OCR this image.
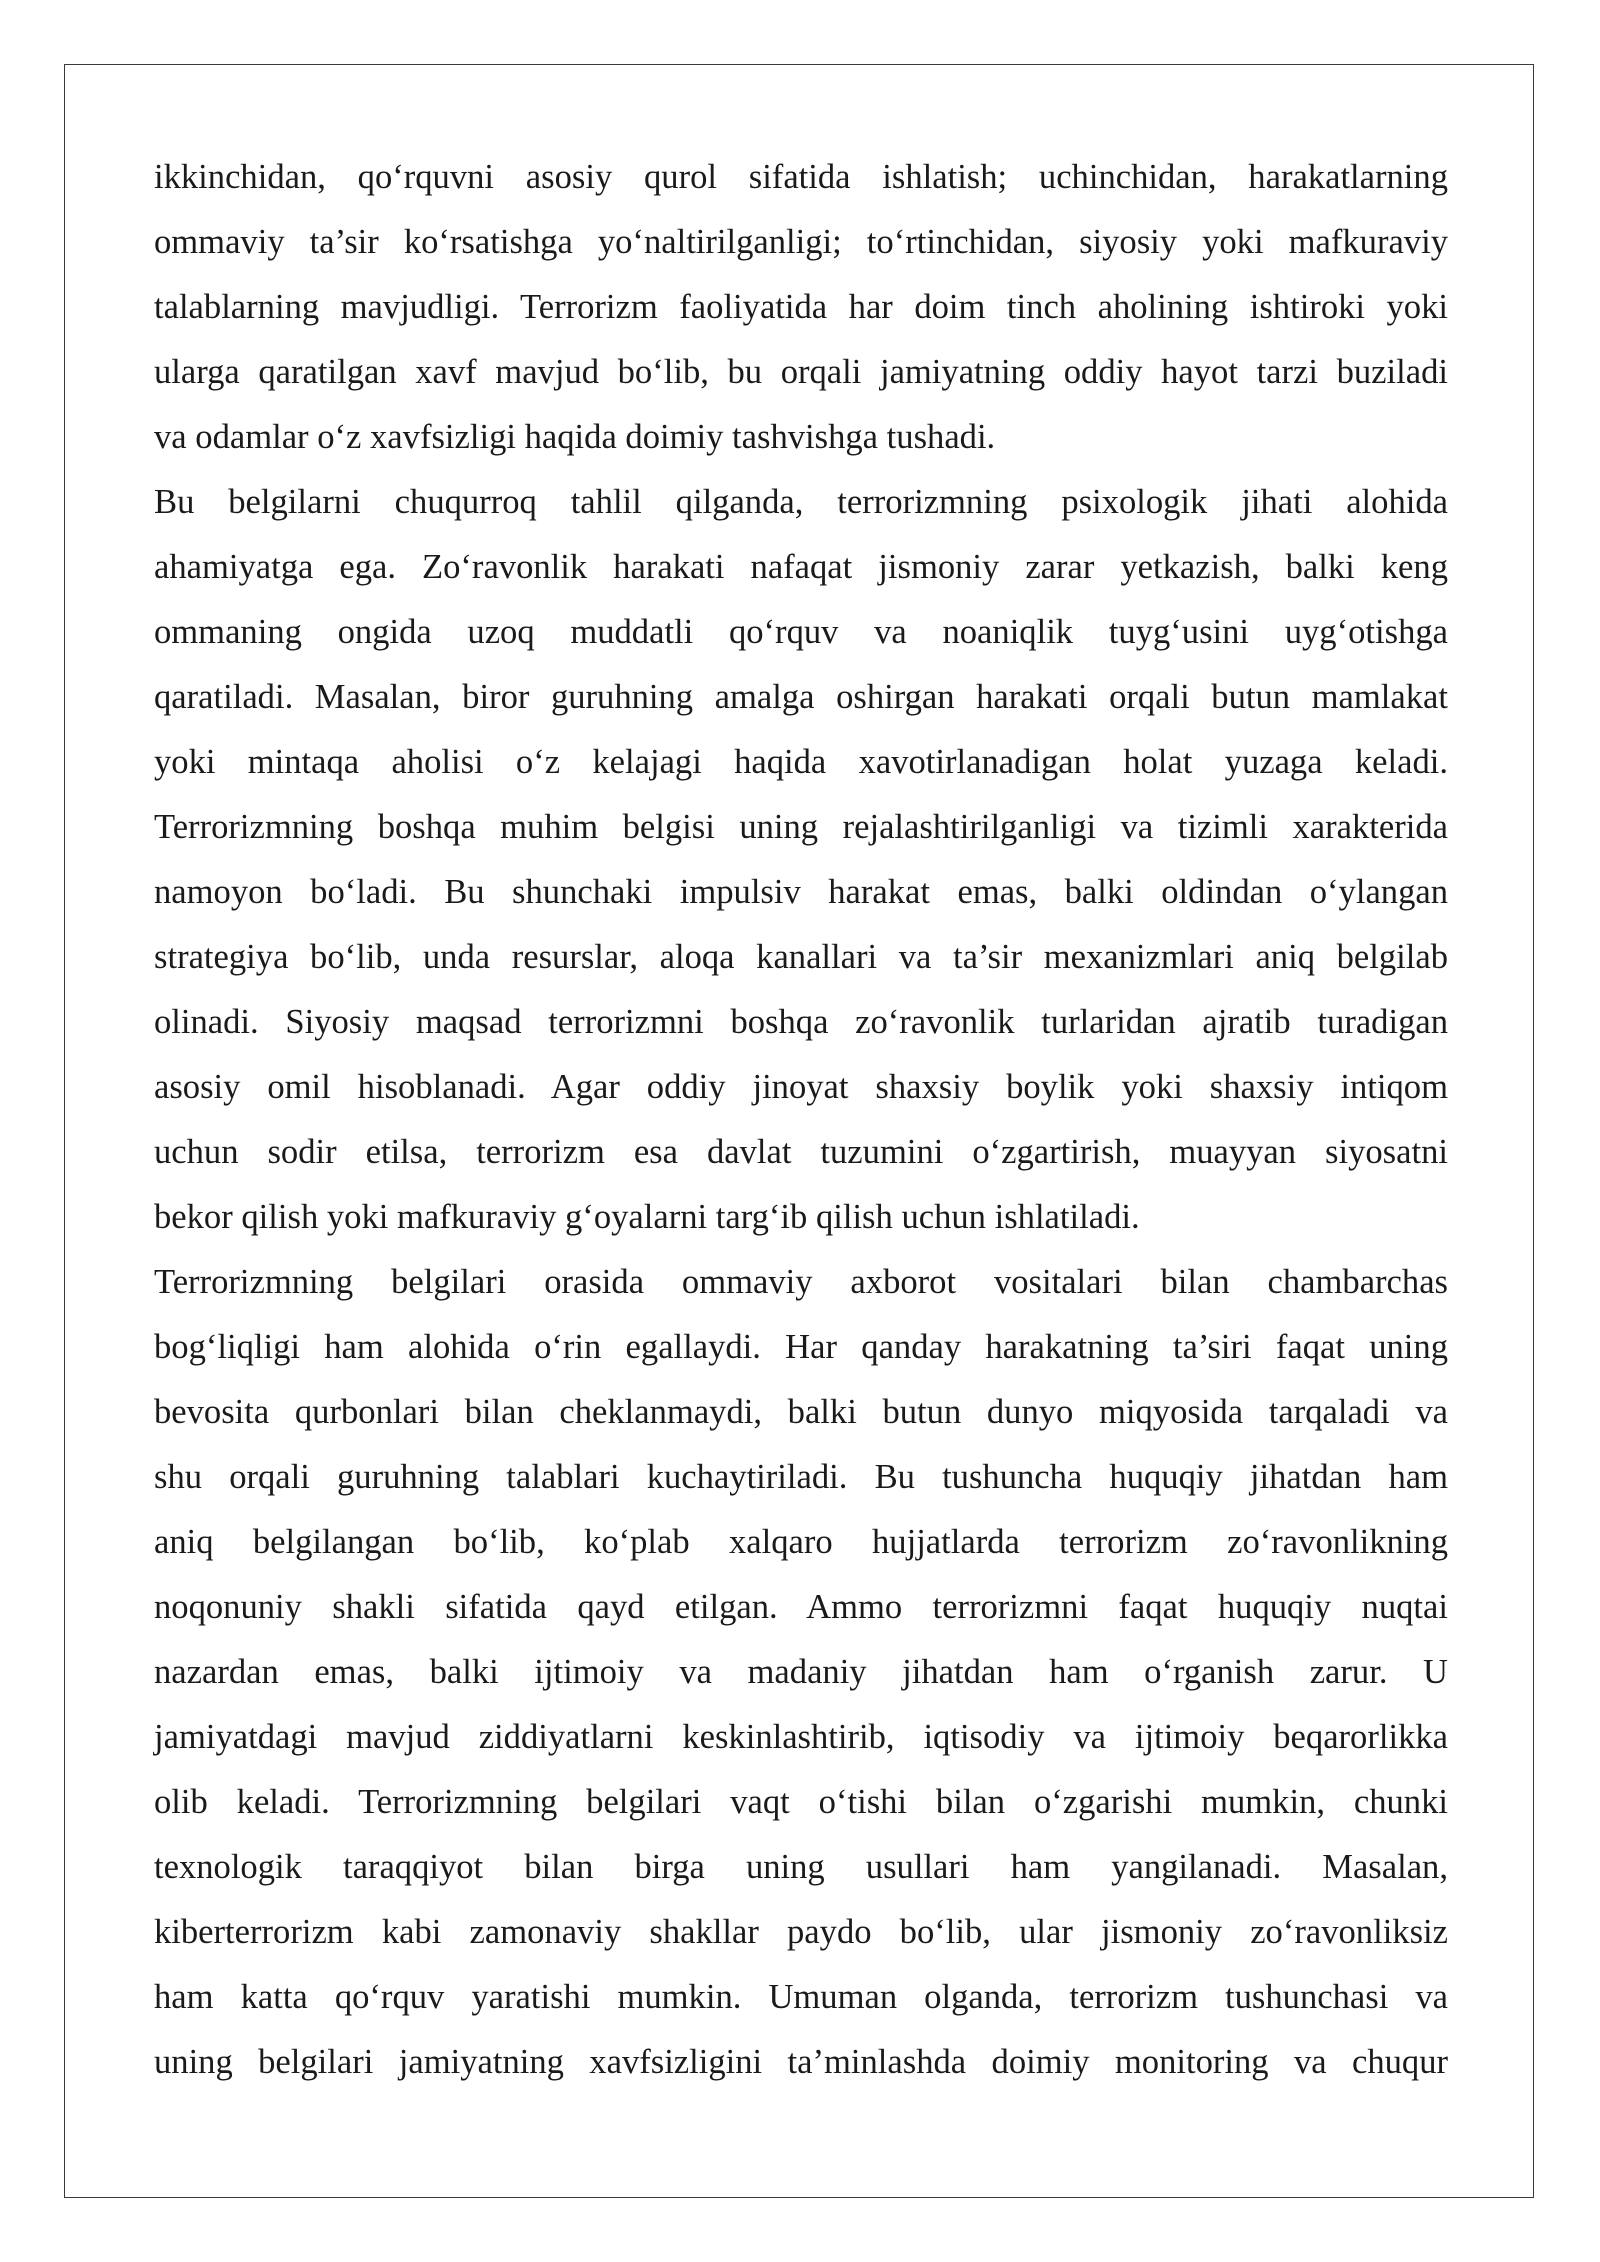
ikkinchidan, qo‘rquvni asosiy qurol sifatida ishlatish; uchinchidan, harakatlarning
ommaviy ta’sir ko‘rsatishga yo‘naltirilganligi; to‘rtinchidan, siyosiy yoki mafkuraviy
talablarning mavjudligi. Terrorizm faoliyatida har doim tinch aholining ishtiroki yoki
ularga qaratilgan xavf mavjud bo‘lib, bu orqali jamiyatning oddiy hayot tarzi buziladi
va odamlar o‘z xavfsizligi haqida doimiy tashvishga tushadi.
Bu belgilarni chuqurroq tahlil qilganda, terrorizmning psixologik jihati alohida
ahamiyatga ega. Zo‘ravonlik harakati nafaqat jismoniy zarar yetkazish, balki keng
ommaning ongida uzoq muddatli qo‘rquv va noaniqlik tuyg‘usini uyg‘otishga
qaratiladi. Masalan, biror guruhning amalga oshirgan harakati orqali butun mamlakat
yoki mintaqa aholisi o‘z kelajagi haqida xavotirlanadigan holat yuzaga keladi.
Terrorizmning boshqa muhim belgisi uning rejalashtirilganligi va tizimli xarakterida
namoyon bo‘ladi. Bu shunchaki impulsiv harakat emas, balki oldindan o‘ylangan
strategiya bo‘lib, unda resurslar, aloqa kanallari va ta’sir mexanizmlari aniq belgilab
olinadi. Siyosiy maqsad terrorizmni boshqa zo‘ravonlik turlaridan ajratib turadigan
asosiy omil hisoblanadi. Agar oddiy jinoyat shaxsiy boylik yoki shaxsiy intiqom
uchun sodir etilsa, terrorizm esa davlat tuzumini o‘zgartirish, muayyan siyosatni
bekor qilish yoki mafkuraviy g‘oyalarni targ‘ib qilish uchun ishlatiladi.
Terrorizmning belgilari orasida ommaviy axborot vositalari bilan chambarchas
bog‘liqligi ham alohida o‘rin egallaydi. Har qanday harakatning ta’siri faqat uning
bevosita qurbonlari bilan cheklanmaydi, balki butun dunyo miqyosida tarqaladi va
shu orqali guruhning talablari kuchaytiriladi. Bu tushuncha huquqiy jihatdan ham
aniq belgilangan bo‘lib, ko‘plab xalqaro hujjatlarda terrorizm zo‘ravonlikning
noqonuniy shakli sifatida qayd etilgan. Ammo terrorizmni faqat huquqiy nuqtai
nazardan emas, balki ijtimoiy va madaniy jihatdan ham o‘rganish zarur. U
jamiyatdagi mavjud ziddiyatlarni keskinlashtirib, iqtisodiy va ijtimoiy beqarorlikka
olib keladi. Terrorizmning belgilari vaqt o‘tishi bilan o‘zgarishi mumkin, chunki
texnologik taraqqiyot bilan birga uning usullari ham yangilanadi. Masalan,
kiberterrorizm kabi zamonaviy shakllar paydo bo‘lib, ular jismoniy zo‘ravonliksiz
ham katta qo‘rquv yaratishi mumkin. Umuman olganda, terrorizm tushunchasi va
uning belgilari jamiyatning xavfsizligini ta’minlashda doimiy monitoring va chuqur
